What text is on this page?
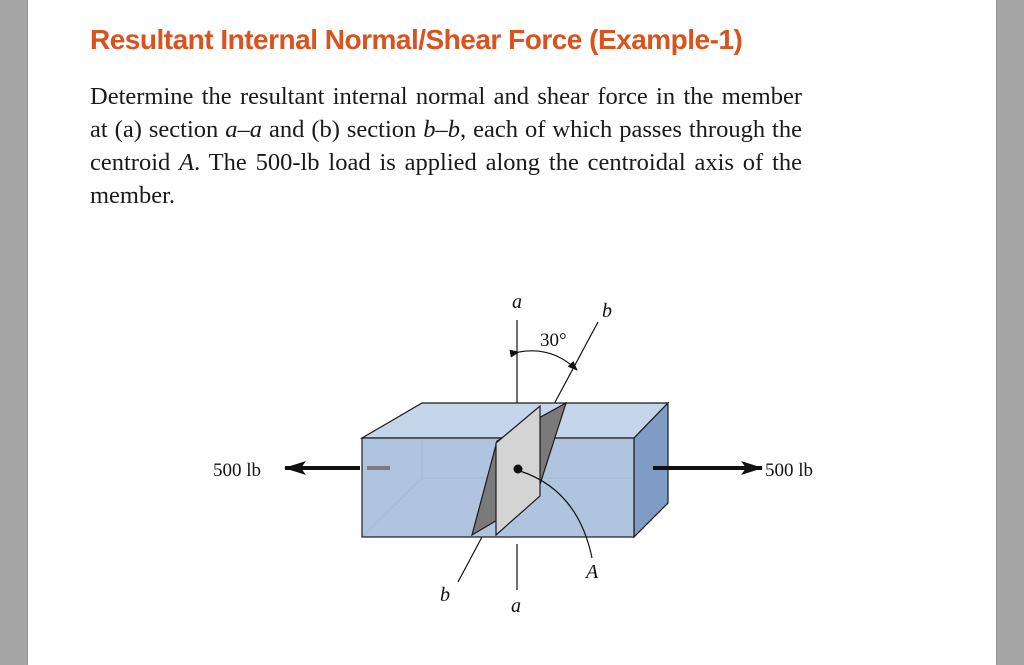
Resultant Internal Normal/Shear Force (Example-1)

Determine the resultant internal normal and shear force in the member at (a) section a–a and (b) section b–b, each of which passes through the centroid A. The 500-lb load is applied along the centroidal axis of the member.

a	b
30°
500 lb	500 lb
A
b	a
